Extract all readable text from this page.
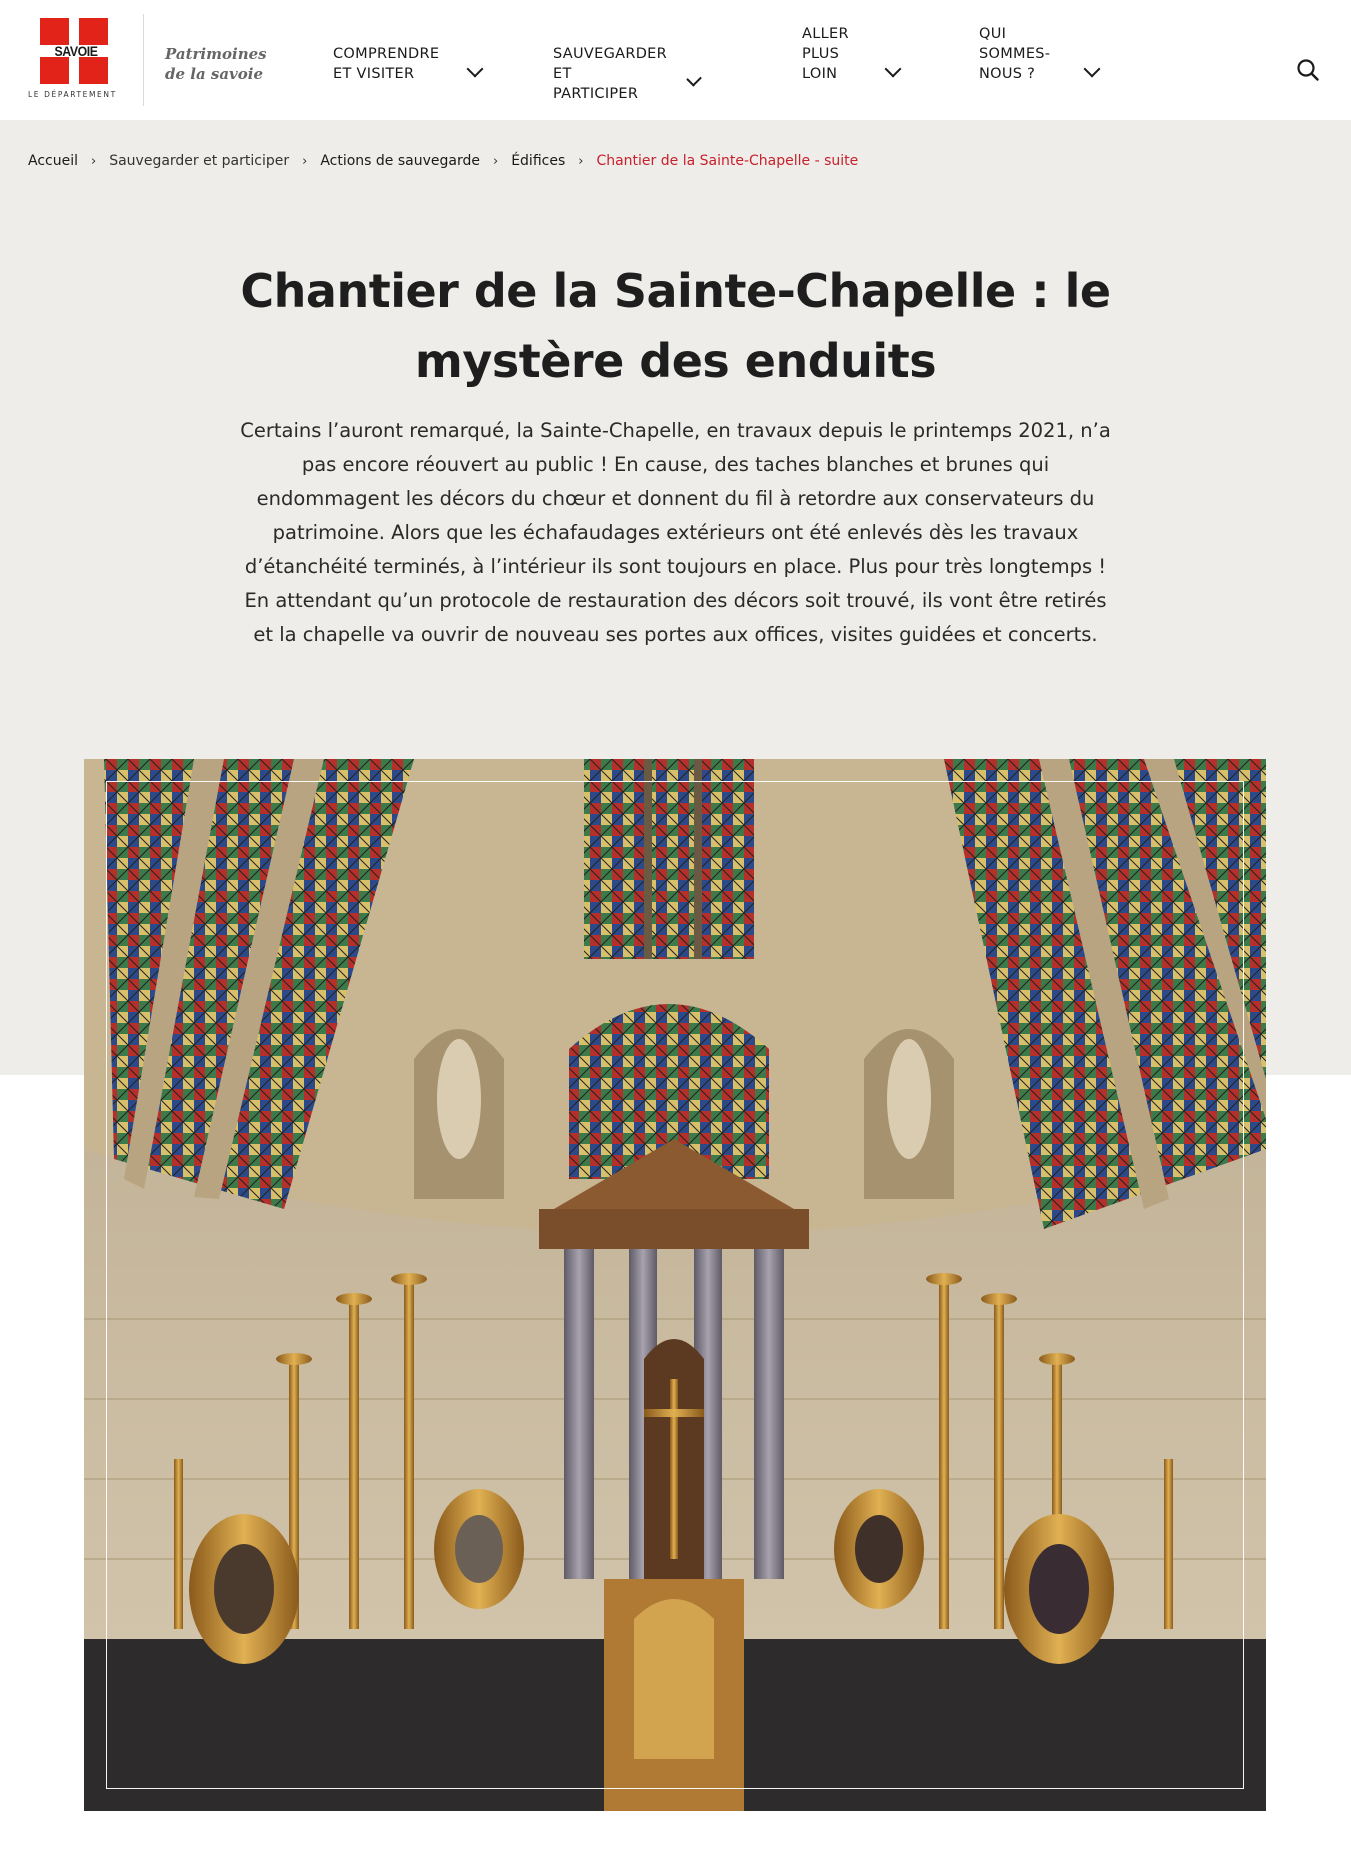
SAVOIE
LE DÉPARTEMENT
Patrimoines
de la savoie
COMPRENDRE
ET VISITER
SAUVEGARDER ET
PARTICIPER
ALLER
PLUS
LOIN
QUI
SOMMES-
NOUS ?
Accueil › Sauvegarder et participer › Actions de sauvegarde › Édifices › Chantier de la Sainte-Chapelle - suite
Chantier de la Sainte-Chapelle : le mystère des enduits

Certains l’auront remarqué, la Sainte-Chapelle, en travaux depuis le printemps 2021, n’a pas encore réouvert au public ! En cause, des taches blanches et brunes qui endommagent les décors du chœur et donnent du fil à retordre aux conservateurs du patrimoine. Alors que les échafaudages extérieurs ont été enlevés dès les travaux d’étanchéité terminés, à l’intérieur ils sont toujours en place. Plus pour très longtemps ! En attendant qu’un protocole de restauration des décors soit trouvé, ils vont être retirés et la chapelle va ouvrir de nouveau ses portes aux offices, visites guidées et concerts.
